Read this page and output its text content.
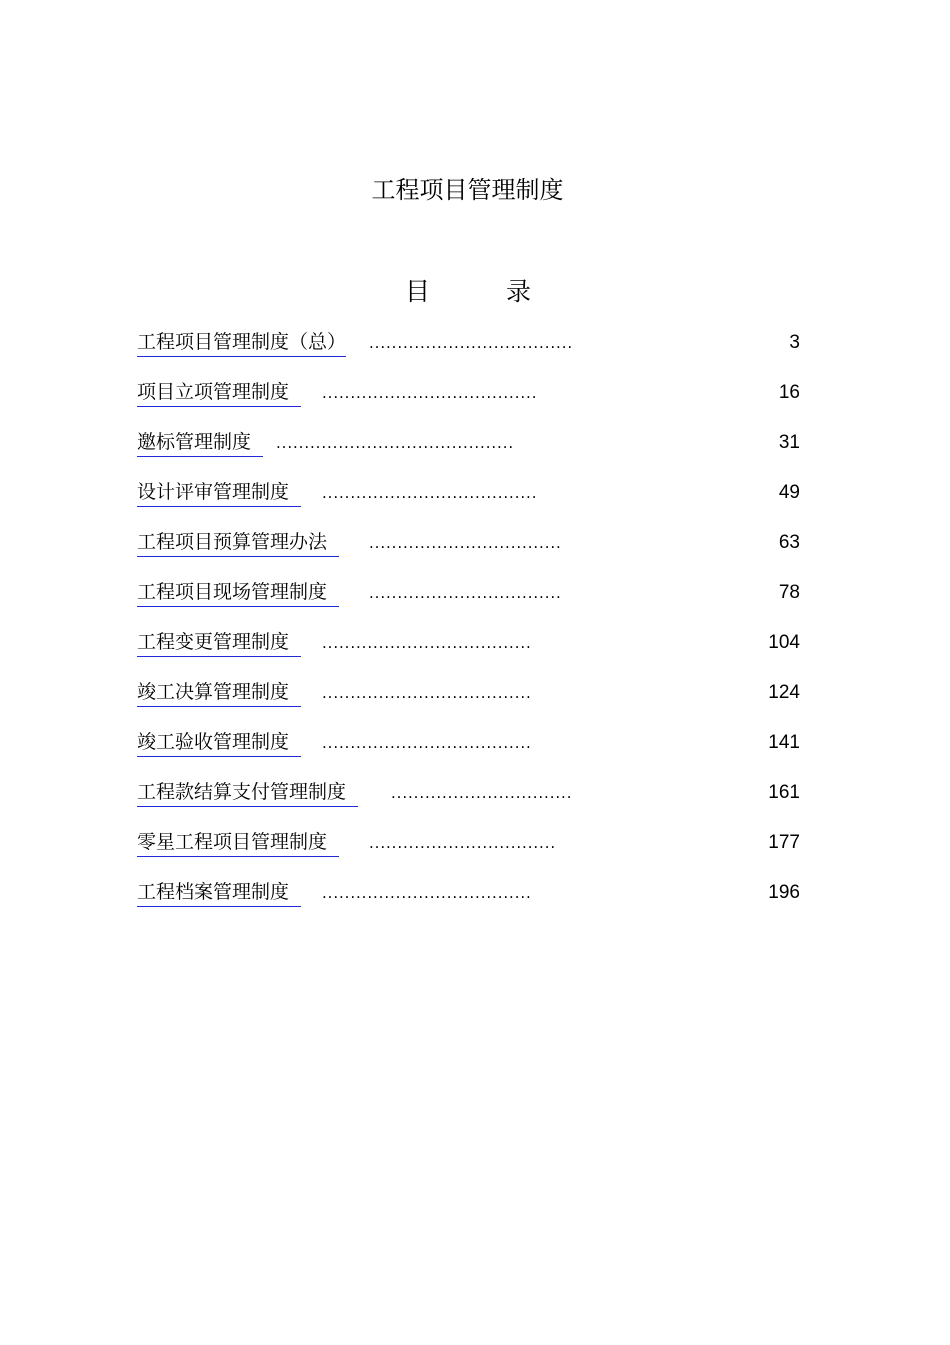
工程项目管理制度
目 录
工程项目管理制度（总） ....................................	3
项目立项管理制度	......................................	16
邀标管理制度	..........................................	31
设计评审管理制度	......................................	49
工程项目预算管理办法	..................................	63
工程项目现场管理制度	..................................	78
工程变更管理制度	.....................................	104
竣工决算管理制度	.....................................	124
竣工验收管理制度	.....................................	141
工程款结算支付管理制度	................................	161
零星工程项目管理制度	.................................	177
工程档案管理制度	.....................................	196
